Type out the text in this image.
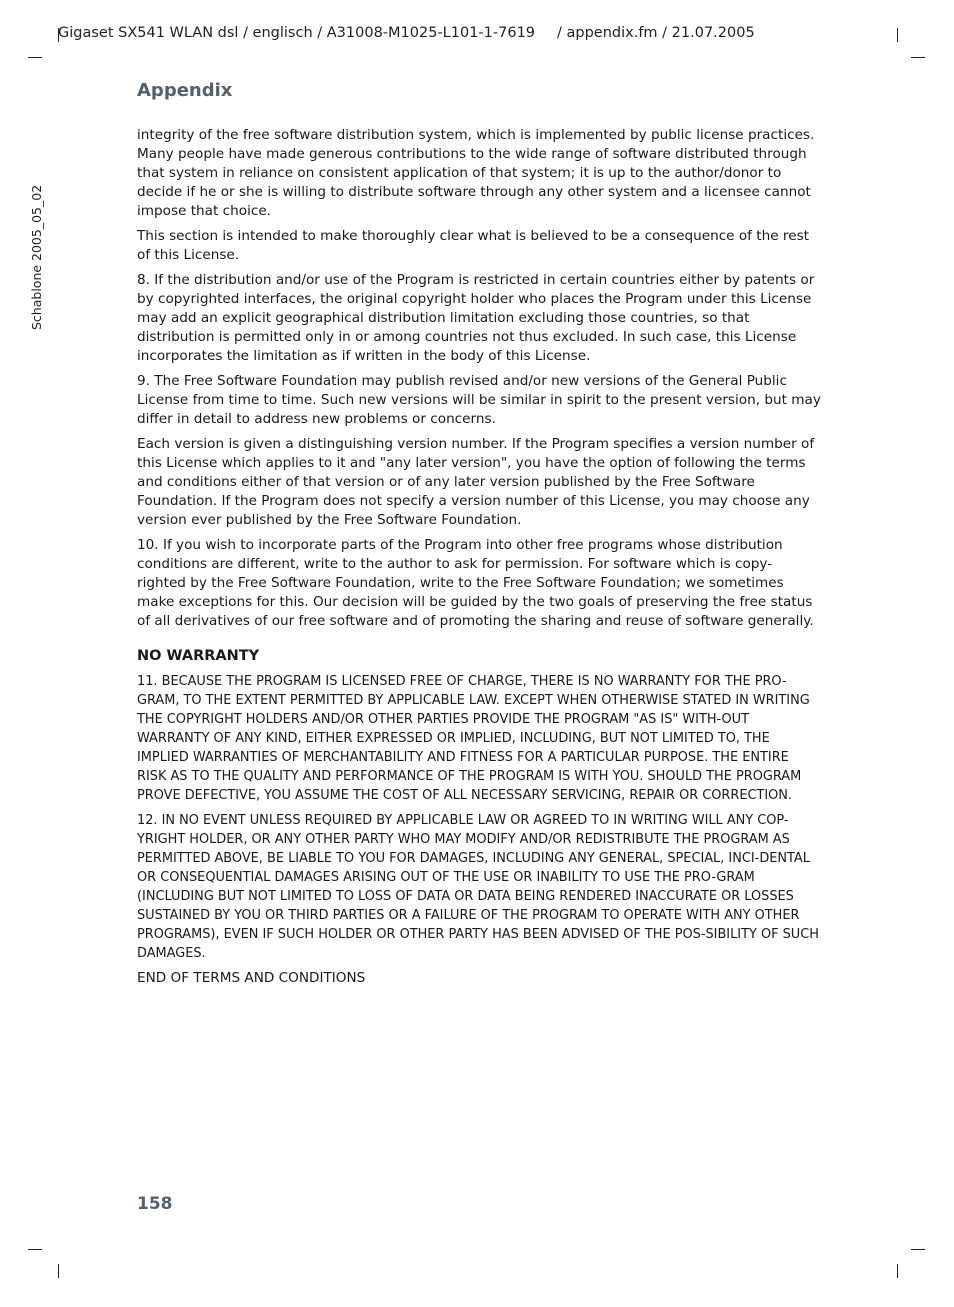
Gigaset SX541 WLAN dsl / englisch / A31008-M1025-L101-1-7619 / appendix.fm / 21.07.2005
Schablone 2005_05_02
Appendix

integrity of the free software distribution system, which is implemented by public license practices. Many people have made generous contributions to the wide range of software distributed through that system in reliance on consistent application of that system; it is up to the author/donor to decide if he or she is willing to distribute software through any other system and a licensee cannot impose that choice.

This section is intended to make thoroughly clear what is believed to be a consequence of the rest of this License.

8. If the distribution and/or use of the Program is restricted in certain countries either by patents or by copyrighted interfaces, the original copyright holder who places the Program under this License may add an explicit geographical distribution limitation excluding those countries, so that distribution is permitted only in or among countries not thus excluded. In such case, this License incorporates the limitation as if written in the body of this License.

9. The Free Software Foundation may publish revised and/or new versions of the General Public License from time to time. Such new versions will be similar in spirit to the present version, but may differ in detail to address new problems or concerns.

Each version is given a distinguishing version number. If the Program specifies a version number of this License which applies to it and "any later version", you have the option of following the terms and conditions either of that version or of any later version published by the Free Software Foundation. If the Program does not specify a version number of this License, you may choose any version ever published by the Free Software Foundation.

10. If you wish to incorporate parts of the Program into other free programs whose distribution conditions are different, write to the author to ask for permission. For software which is copy-righted by the Free Software Foundation, write to the Free Software Foundation; we sometimes make exceptions for this. Our decision will be guided by the two goals of preserving the free status of all derivatives of our free software and of promoting the sharing and reuse of software generally.

NO WARRANTY

11. BECAUSE THE PROGRAM IS LICENSED FREE OF CHARGE, THERE IS NO WARRANTY FOR THE PRO-GRAM, TO THE EXTENT PERMITTED BY APPLICABLE LAW. EXCEPT WHEN OTHERWISE STATED IN WRITING THE COPYRIGHT HOLDERS AND/OR OTHER PARTIES PROVIDE THE PROGRAM "AS IS" WITH-OUT WARRANTY OF ANY KIND, EITHER EXPRESSED OR IMPLIED, INCLUDING, BUT NOT LIMITED TO, THE IMPLIED WARRANTIES OF MERCHANTABILITY AND FITNESS FOR A PARTICULAR PURPOSE. THE ENTIRE RISK AS TO THE QUALITY AND PERFORMANCE OF THE PROGRAM IS WITH YOU. SHOULD THE PROGRAM PROVE DEFECTIVE, YOU ASSUME THE COST OF ALL NECESSARY SERVICING, REPAIR OR CORRECTION.

12. IN NO EVENT UNLESS REQUIRED BY APPLICABLE LAW OR AGREED TO IN WRITING WILL ANY COP-YRIGHT HOLDER, OR ANY OTHER PARTY WHO MAY MODIFY AND/OR REDISTRIBUTE THE PROGRAM AS PERMITTED ABOVE, BE LIABLE TO YOU FOR DAMAGES, INCLUDING ANY GENERAL, SPECIAL, INCI-DENTAL OR CONSEQUENTIAL DAMAGES ARISING OUT OF THE USE OR INABILITY TO USE THE PRO-GRAM (INCLUDING BUT NOT LIMITED TO LOSS OF DATA OR DATA BEING RENDERED INACCURATE OR LOSSES SUSTAINED BY YOU OR THIRD PARTIES OR A FAILURE OF THE PROGRAM TO OPERATE WITH ANY OTHER PROGRAMS), EVEN IF SUCH HOLDER OR OTHER PARTY HAS BEEN ADVISED OF THE POS-SIBILITY OF SUCH DAMAGES.

END OF TERMS AND CONDITIONS

158
